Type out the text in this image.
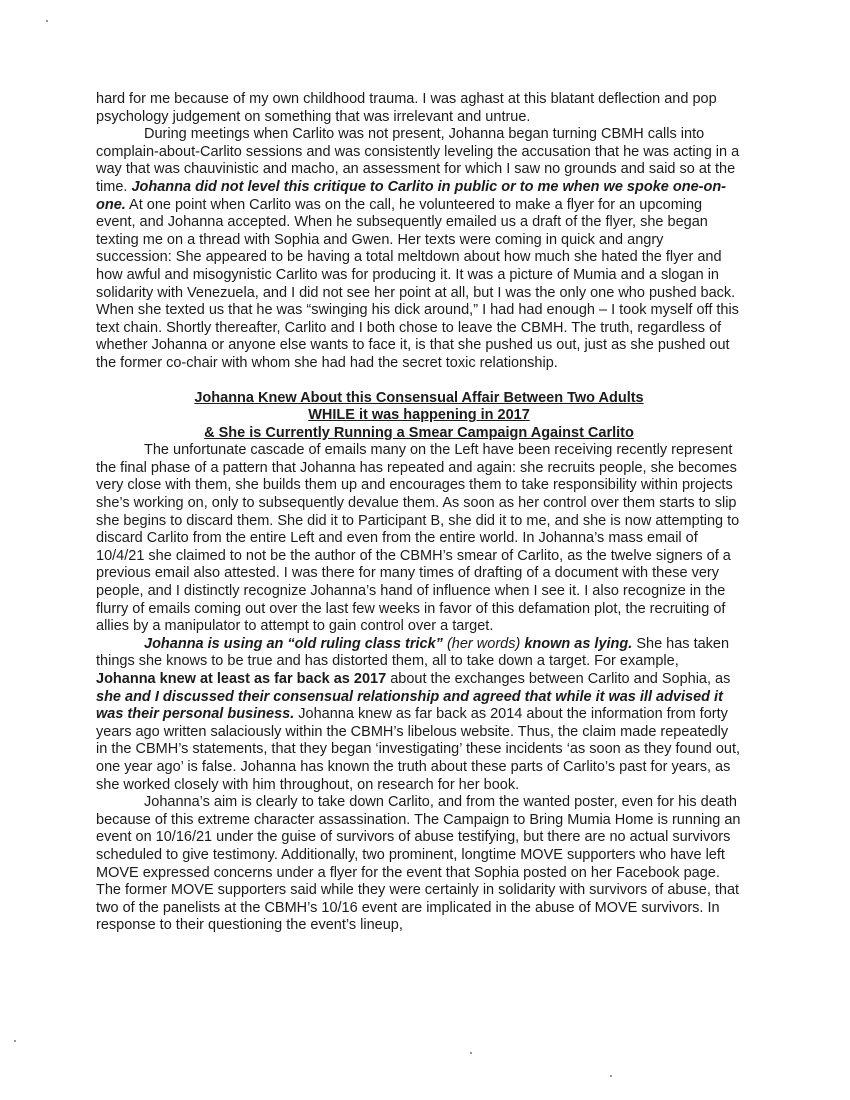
hard for me because of my own childhood trauma. I was aghast at this blatant deflection and pop psychology judgement on something that was irrelevant and untrue.

During meetings when Carlito was not present, Johanna began turning CBMH calls into complain-about-Carlito sessions and was consistently leveling the accusation that he was acting in a way that was chauvinistic and macho, an assessment for which I saw no grounds and said so at the time. Johanna did not level this critique to Carlito in public or to me when we spoke one-on-one. At one point when Carlito was on the call, he volunteered to make a flyer for an upcoming event, and Johanna accepted. When he subsequently emailed us a draft of the flyer, she began texting me on a thread with Sophia and Gwen. Her texts were coming in quick and angry succession: She appeared to be having a total meltdown about how much she hated the flyer and how awful and misogynistic Carlito was for producing it. It was a picture of Mumia and a slogan in solidarity with Venezuela, and I did not see her point at all, but I was the only one who pushed back. When she texted us that he was “swinging his dick around,” I had had enough – I took myself off this text chain. Shortly thereafter, Carlito and I both chose to leave the CBMH. The truth, regardless of whether Johanna or anyone else wants to face it, is that she pushed us out, just as she pushed out the former co-chair with whom she had had the secret toxic relationship.

Johanna Knew About this Consensual Affair Between Two Adults
WHILE it was happening in 2017
& She is Currently Running a Smear Campaign Against Carlito

The unfortunate cascade of emails many on the Left have been receiving recently represent the final phase of a pattern that Johanna has repeated and again: she recruits people, she becomes very close with them, she builds them up and encourages them to take responsibility within projects she’s working on, only to subsequently devalue them. As soon as her control over them starts to slip she begins to discard them. She did it to Participant B, she did it to me, and she is now attempting to discard Carlito from the entire Left and even from the entire world. In Johanna’s mass email of 10/4/21 she claimed to not be the author of the CBMH’s smear of Carlito, as the twelve signers of a previous email also attested. I was there for many times of drafting of a document with these very people, and I distinctly recognize Johanna’s hand of influence when I see it. I also recognize in the flurry of emails coming out over the last few weeks in favor of this defamation plot, the recruiting of allies by a manipulator to attempt to gain control over a target.

Johanna is using an “old ruling class trick” (her words) known as lying. She has taken things she knows to be true and has distorted them, all to take down a target. For example, Johanna knew at least as far back as 2017 about the exchanges between Carlito and Sophia, as she and I discussed their consensual relationship and agreed that while it was ill advised it was their personal business. Johanna knew as far back as 2014 about the information from forty years ago written salaciously within the CBMH’s libelous website. Thus, the claim made repeatedly in the CBMH’s statements, that they began ‘investigating’ these incidents ‘as soon as they found out, one year ago’ is false. Johanna has known the truth about these parts of Carlito’s past for years, as she worked closely with him throughout, on research for her book.

Johanna’s aim is clearly to take down Carlito, and from the wanted poster, even for his death because of this extreme character assassination. The Campaign to Bring Mumia Home is running an event on 10/16/21 under the guise of survivors of abuse testifying, but there are no actual survivors scheduled to give testimony. Additionally, two prominent, longtime MOVE supporters who have left MOVE expressed concerns under a flyer for the event that Sophia posted on her Facebook page. The former MOVE supporters said while they were certainly in solidarity with survivors of abuse, that two of the panelists at the CBMH’s 10/16 event are implicated in the abuse of MOVE survivors. In response to their questioning the event’s lineup,
